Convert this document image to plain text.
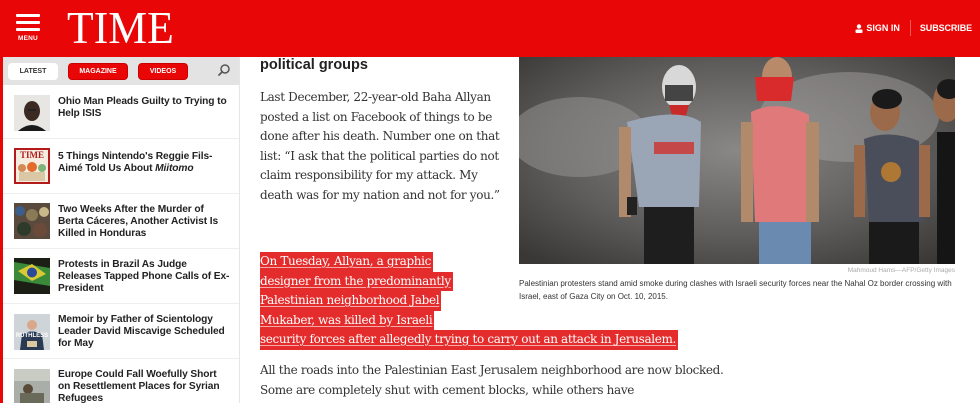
MENU TIME	SIGN IN SUBSCRIBE
LATEST	MAGAZINE	VIDEOS
Ohio Man Pleads Guilty to Trying to Help ISIS
TIME 5 Things Nintendo's Reggie Fils-Aimé Told Us About Miitomo
Two Weeks After the Murder of Berta Cáceres, Another Activist Is Killed in Honduras
Protests in Brazil As Judge Releases Tapped Phone Calls of Ex-President
RUTHLESS
Memoir by Father of Scientology Leader David Miscavige Scheduled for May
Europe Could Fall Woefully Short on Resettlement Places for Syrian Refugees
political groups

Last December, 22-year-old Baha Allyan posted a list on Facebook of things to be done after his death. Number one on that list: “I ask that the political parties do not claim responsibility for my attack. My death was for my nation and not for you.”

On Tuesday, Allyan, a graphic
designer from the predominantly
Palestinian neighborhood Jabel
Mukaber, was killed by Israeli
security forces after allegedly trying to carry out an attack in Jerusalem.

All the roads into the Palestinian East Jerusalem neighborhood are now blocked. Some are completely shut with cement blocks, while others have

Mahmoud Hams—AFP/Getty Images
Palestinian protesters stand amid smoke during clashes with Israeli security forces near the Nahal Oz border crossing with Israel, east of Gaza City on Oct. 10, 2015.
